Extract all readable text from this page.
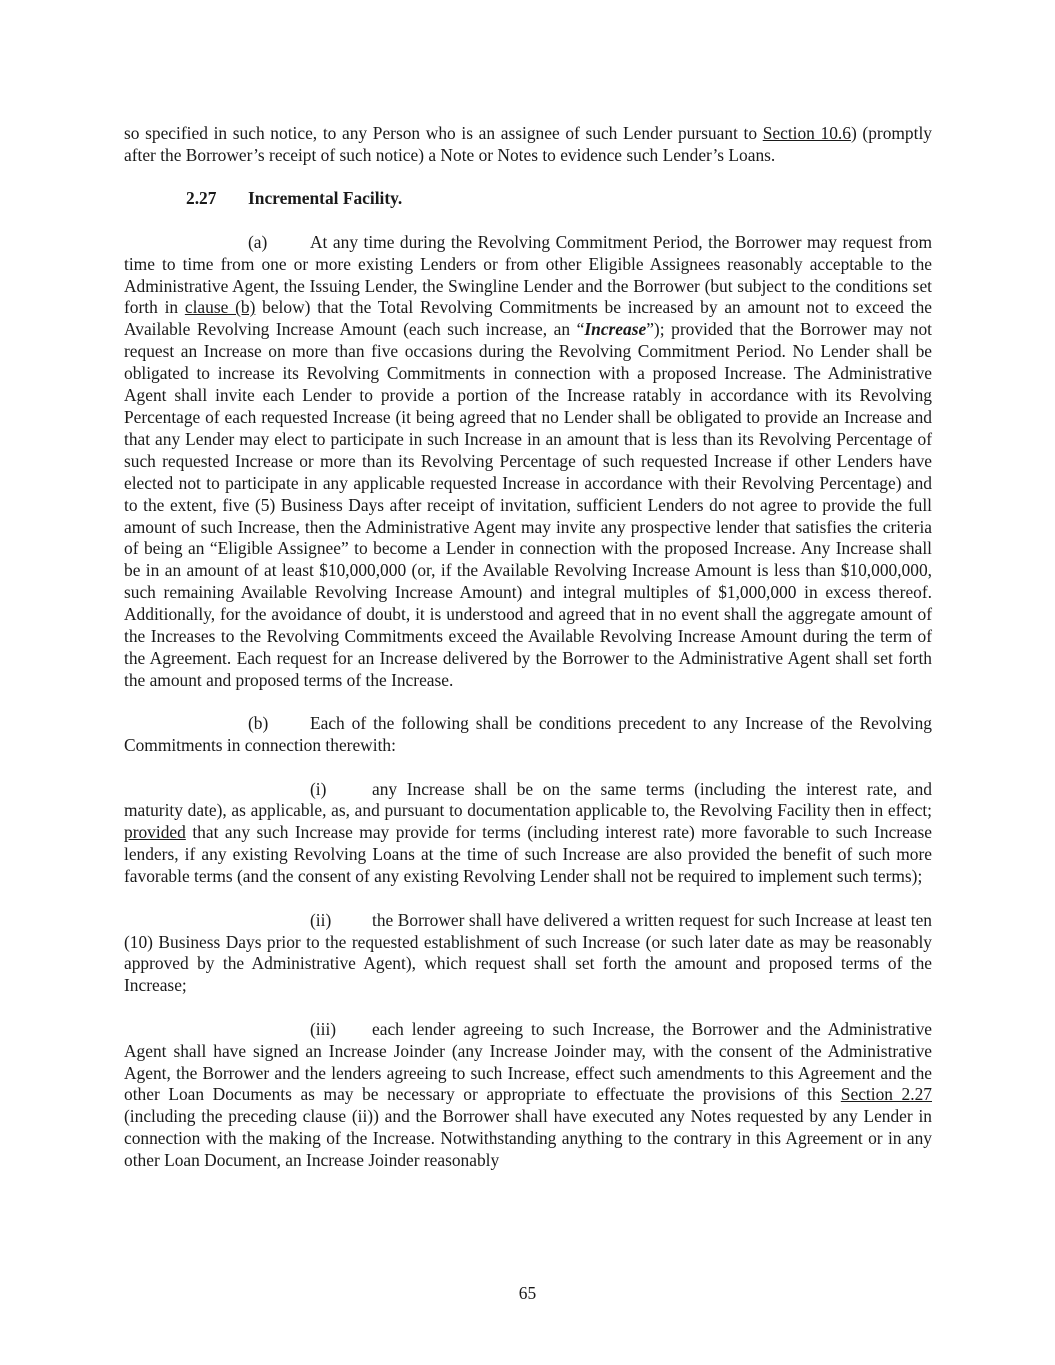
so specified in such notice, to any Person who is an assignee of such Lender pursuant to Section 10.6) (promptly after the Borrower’s receipt of such notice) a Note or Notes to evidence such Lender’s Loans.

2.27 Incremental Facility.

(a) At any time during the Revolving Commitment Period, the Borrower may request from time to time from one or more existing Lenders or from other Eligible Assignees reasonably acceptable to the Administrative Agent, the Issuing Lender, the Swingline Lender and the Borrower (but subject to the conditions set forth in clause (b) below) that the Total Revolving Commitments be increased by an amount not to exceed the Available Revolving Increase Amount (each such increase, an “Increase”); provided that the Borrower may not request an Increase on more than five occasions during the Revolving Commitment Period. No Lender shall be obligated to increase its Revolving Commitments in connection with a proposed Increase. The Administrative Agent shall invite each Lender to provide a portion of the Increase ratably in accordance with its Revolving Percentage of each requested Increase (it being agreed that no Lender shall be obligated to provide an Increase and that any Lender may elect to participate in such Increase in an amount that is less than its Revolving Percentage of such requested Increase or more than its Revolving Percentage of such requested Increase if other Lenders have elected not to participate in any applicable requested Increase in accordance with their Revolving Percentage) and to the extent, five (5) Business Days after receipt of invitation, sufficient Lenders do not agree to provide the full amount of such Increase, then the Administrative Agent may invite any prospective lender that satisfies the criteria of being an “Eligible Assignee” to become a Lender in connection with the proposed Increase. Any Increase shall be in an amount of at least $10,000,000 (or, if the Available Revolving Increase Amount is less than $10,000,000, such remaining Available Revolving Increase Amount) and integral multiples of $1,000,000 in excess thereof. Additionally, for the avoidance of doubt, it is understood and agreed that in no event shall the aggregate amount of the Increases to the Revolving Commitments exceed the Available Revolving Increase Amount during the term of the Agreement. Each request for an Increase delivered by the Borrower to the Administrative Agent shall set forth the amount and proposed terms of the Increase.

(b) Each of the following shall be conditions precedent to any Increase of the Revolving Commitments in connection therewith:

(i)	any Increase shall be on the same terms (including the interest rate, and maturity date), as applicable, as, and pursuant to documentation applicable to, the Revolving Facility then in effect; provided that any such Increase may provide for terms (including interest rate) more favorable to such Increase lenders, if any existing Revolving Loans at the time of such Increase are also provided the benefit of such more favorable terms (and the consent of any existing Revolving Lender shall not be required to implement such terms);

(ii) the Borrower shall have delivered a written request for such Increase at least ten (10) Business Days prior to the requested establishment of such Increase (or such later date as may be reasonably approved by the Administrative Agent), which request shall set forth the amount and proposed terms of the Increase;

(iii) each lender agreeing to such Increase, the Borrower and the Administrative Agent shall have signed an Increase Joinder (any Increase Joinder may, with the consent of the Administrative Agent, the Borrower and the lenders agreeing to such Increase, effect such amendments to this Agreement and the other Loan Documents as may be necessary or appropriate to effectuate the provisions of this Section 2.27 (including the preceding clause (ii)) and the Borrower shall have executed any Notes requested by any Lender in connection with the making of the Increase. Notwithstanding anything to the contrary in this Agreement or in any other Loan Document, an Increase Joinder reasonably

65
